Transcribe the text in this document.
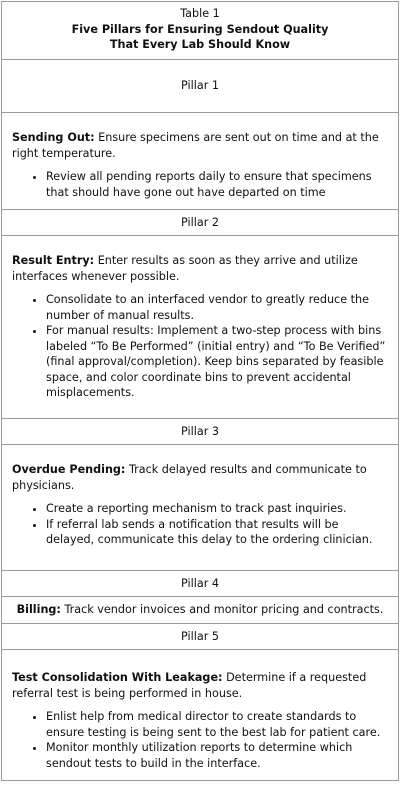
Table 1
Five Pillars for Ensuring Sendout Quality
That Every Lab Should Know
Pillar 1

Sending Out: Ensure specimens are sent out on time and at the right temperature.

• Review all pending reports daily to ensure that specimens that should have gone out have departed on time
Pillar 2

Result Entry: Enter results as soon as they arrive and utilize interfaces whenever possible.

• Consolidate to an interfaced vendor to greatly reduce the number of manual results.
• For manual results: Implement a two-step process with bins labeled “To Be Performed” (initial entry) and “To Be Verified” (final approval/completion). Keep bins separated by feasible space, and color coordinate bins to prevent accidental misplacements.
Pillar 3

Overdue Pending: Track delayed results and communicate to physicians.

• Create a reporting mechanism to track past inquiries.
• If referral lab sends a notification that results will be delayed, communicate this delay to the ordering clinician.
Pillar 4

Billing: Track vendor invoices and monitor pricing and contracts.

Pillar 5

Test Consolidation With Leakage: Determine if a requested referral test is being performed in house.

• Enlist help from medical director to create standards to ensure testing is being sent to the best lab for patient care.
• Monitor monthly utilization reports to determine which sendout tests to build in the interface.
